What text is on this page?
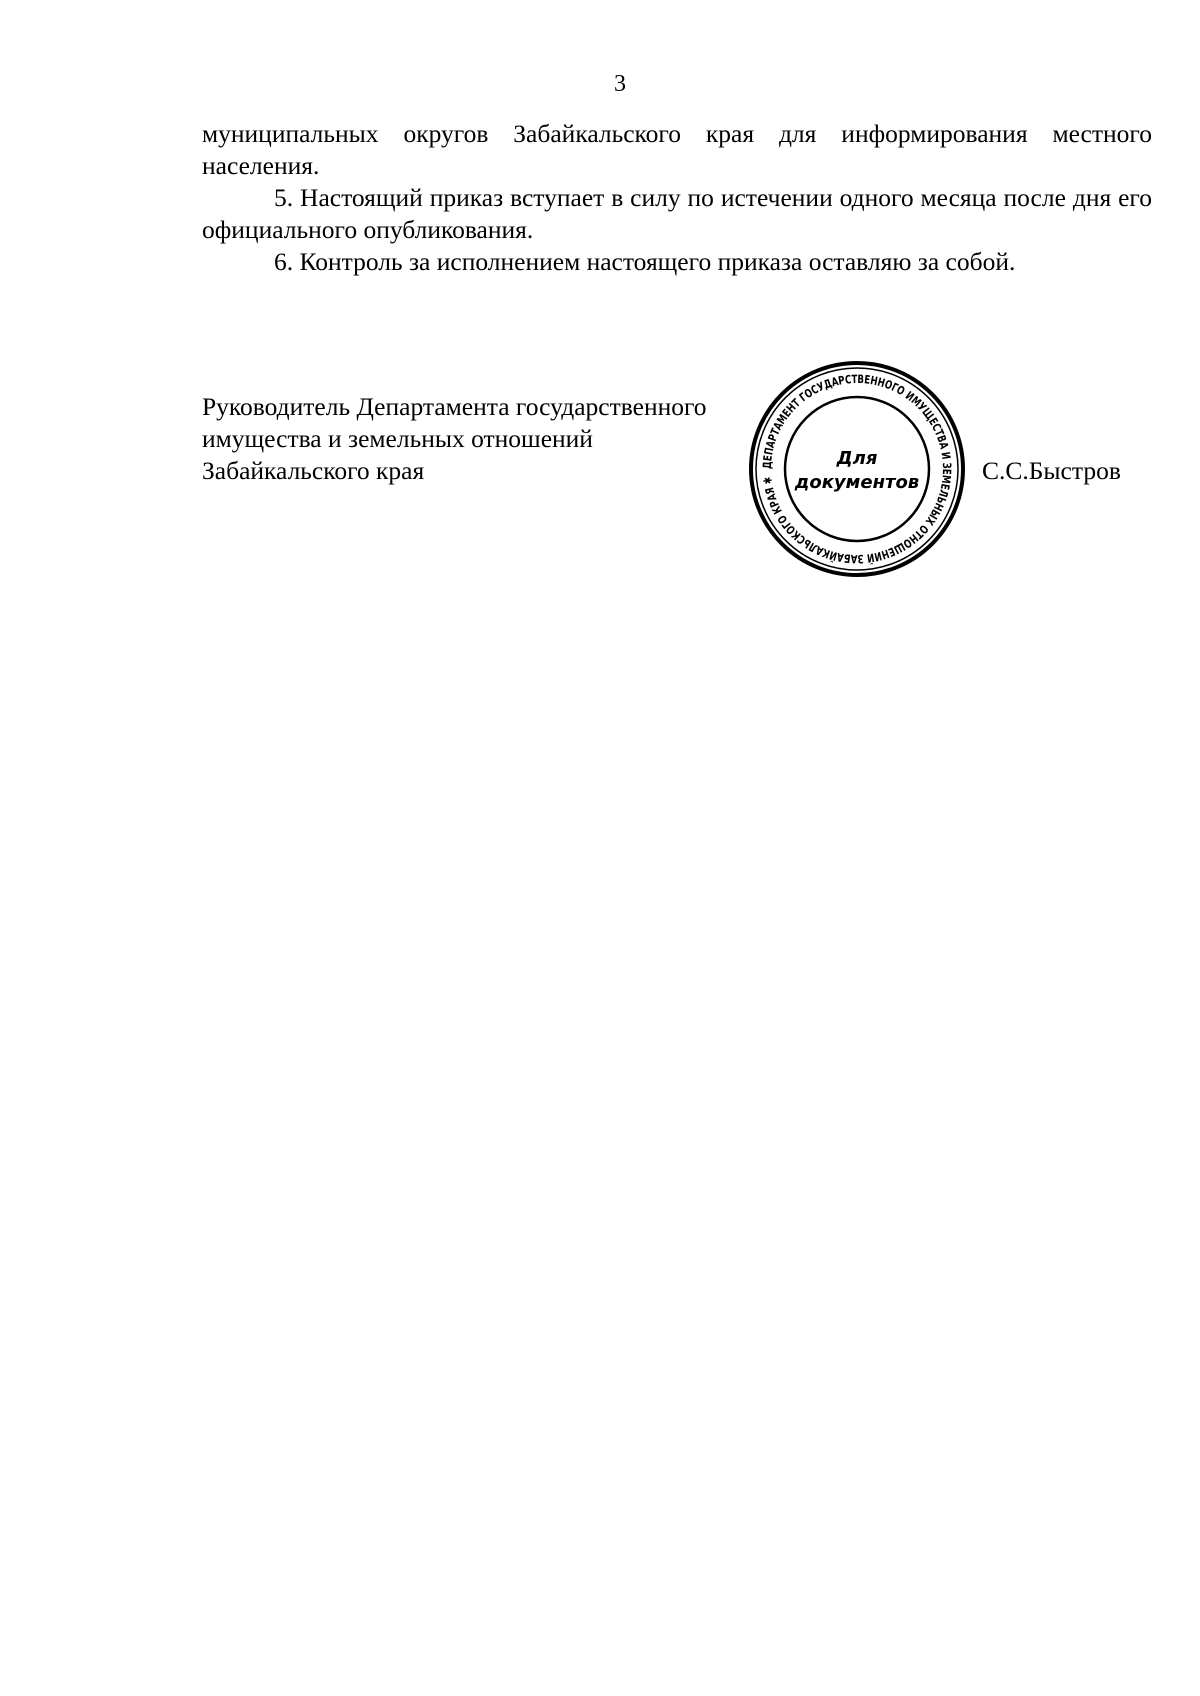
3

муниципальных округов Забайкальского края для информирования местного населения.

5. Настоящий приказ вступает в силу по истечении одного месяца после дня его официального опубликования.

6. Контроль за исполнением настоящего приказа оставляю за собой.

Руководитель Департамента государственного
имущества и земельных отношений
Забайкальского края	ДЕПАРТАМЕНТ ГОСУДАРСТВЕННОГО ИМУЩЕСТВА И ЗЕМЕЛЬНЫХ ОТНОШЕНИЙ ЗАБАЙКАЛЬСКОГО КРАЯ ✱
Для
документов С.С.Быстров
